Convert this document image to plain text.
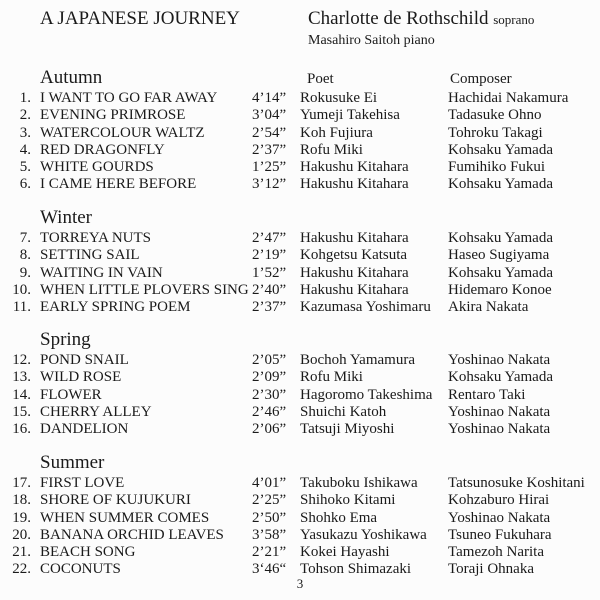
A JAPANESE JOURNEY	Charlotte de Rothschild soprano
Masahiro Saitoh piano
Autumn	Poet	Composer
1. I WANT TO GO FAR AWAY	4’14” Rokusuke Ei	Hachidai Nakamura
2. EVENING PRIMROSE	3’04” Yumeji Takehisa	Tadasuke Ohno
3. WATERCOLOUR WALTZ	2’54” Koh Fujiura	Tohroku Takagi
4. RED DRAGONFLY	2’37” Rofu Miki	Kohsaku Yamada
5. WHITE GOURDS	1’25” Hakushu Kitahara	Fumihiko Fukui
6. I CAME HERE BEFORE	3’12” Hakushu Kitahara	Kohsaku Yamada
Winter
7. TORREYA NUTS	2’47” Hakushu Kitahara	Kohsaku Yamada
8. SETTING SAIL	2’19” Kohgetsu Katsuta	Haseo Sugiyama
9. WAITING IN VAIN	1’52” Hakushu Kitahara	Kohsaku Yamada
10. WHEN LITTLE PLOVERS SING 2’40” Hakushu Kitahara	Hidemaro Konoe
11. EARLY SPRING POEM	2’37” Kazumasa Yoshimaru	Akira Nakata
Spring
12. POND SNAIL	2’05” Bochoh Yamamura	Yoshinao Nakata
13. WILD ROSE	2’09” Rofu Miki	Kohsaku Yamada
14. FLOWER	2’30” Hagoromo Takeshima	Rentaro Taki
15. CHERRY ALLEY	2’46” Shuichi Katoh	Yoshinao Nakata
16. DANDELION	2’06” Tatsuji Miyoshi	Yoshinao Nakata
Summer
17. FIRST LOVE	4’01” Takuboku Ishikawa	Tatsunosuke Koshitani
18. SHORE OF KUJUKURI	2’25” Shihoko Kitami	Kohzaburo Hirai
19. WHEN SUMMER COMES	2’50” Shohko Ema	Yoshinao Nakata
20. BANANA ORCHID LEAVES	3’58” Yasukazu Yoshikawa	Tsuneo Fukuhara
21. BEACH SONG	2’21” Kokei Hayashi	Tamezoh Narita
22. COCONUTS	3‘46“ Tohson Shimazaki	Toraji Ohnaka
3
